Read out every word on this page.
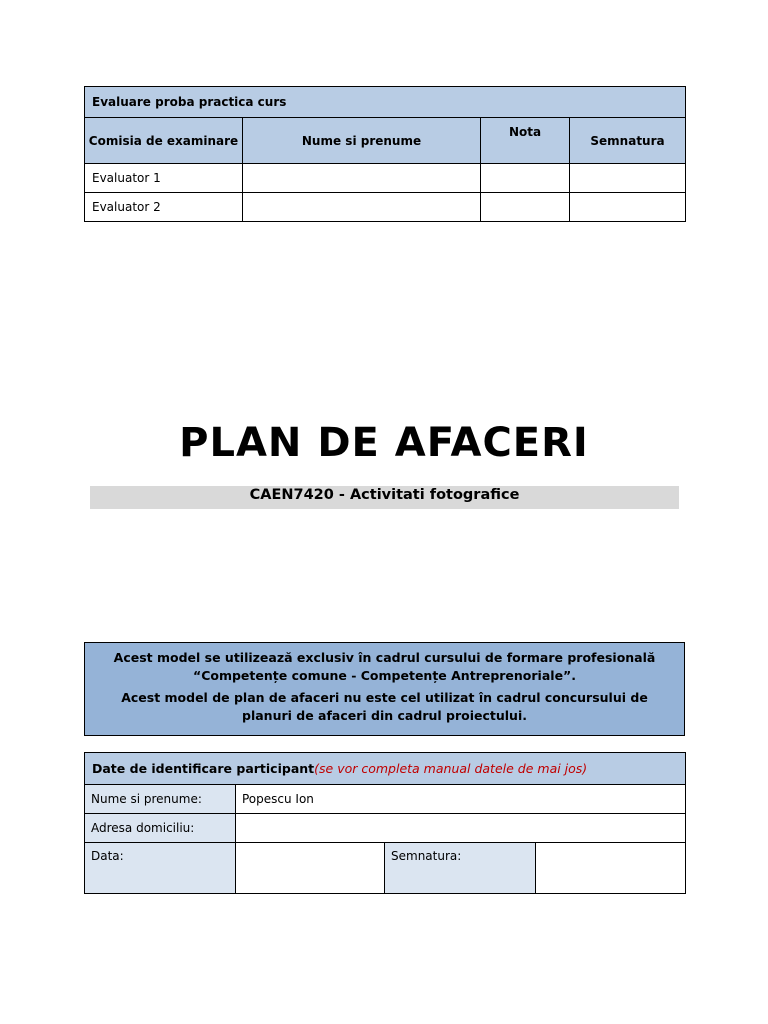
Evaluare proba practica curs			
Comisia de examinare	Nume si prenume	Nota	Semnatura
Evaluator 1			
Evaluator 2			
PLAN DE AFACERI
CAEN7420 - Activitati fotografice

Acest model se utilizează exclusiv în cadrul cursului de formare profesională “Competențe comune - Competențe Antreprenoriale”.

Acest model de plan de afaceri nu este cel utilizat în cadrul concursului de planuri de afaceri din cadrul proiectului.

Date de identificare participant(se vor completa manual datele de mai jos)			
Nume si prenume:	Popescu Ion		
Adresa domiciliu:			
Data:		Semnatura:	
